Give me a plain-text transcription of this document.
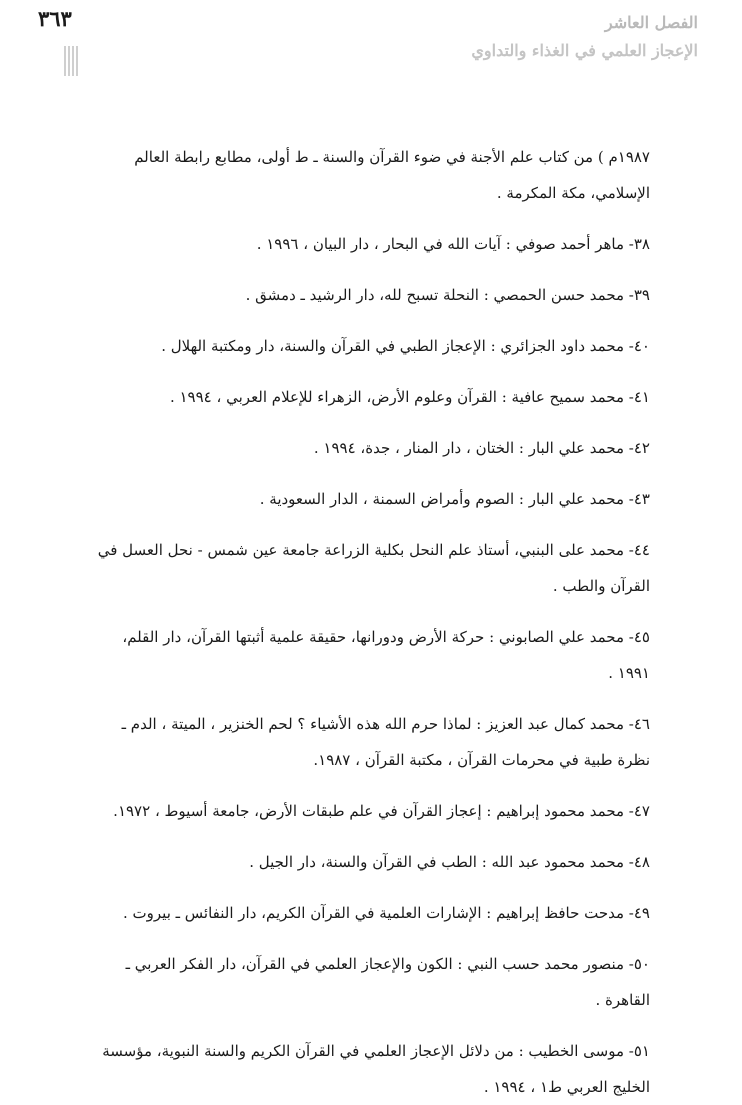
٣٦٣	الفصل العاشر
الإعجاز العلمي في الغذاء والتداوي

١٩٨٧م ) من كتاب علم الأجنة في ضوء القرآن والسنة ـ ط أولى، مطابع رابطة العالم الإسلامي، مكة المكرمة .

٣٨- ماهر أحمد صوفي : آيات الله في البحار ، دار البيان ، ١٩٩٦ .

٣٩- محمد حسن الحمصي : النحلة تسبح لله، دار الرشيد ـ دمشق .

٤٠- محمد داود الجزائري : الإعجاز الطبي في القرآن والسنة، دار ومكتبة الهلال .

٤١- محمد سميح عافية : القرآن وعلوم الأرض، الزهراء للإعلام العربي ، ١٩٩٤ .

٤٢- محمد علي البار : الختان ، دار المنار ، جدة، ١٩٩٤ .

٤٣- محمد علي البار : الصوم وأمراض السمنة ، الدار السعودية .

٤٤- محمد على البنبي، أستاذ علم النحل بكلية الزراعة جامعة عين شمس - نحل العسل في القرآن والطب .

٤٥- محمد علي الصابوني : حركة الأرض ودورانها، حقيقة علمية أثبتها القرآن، دار القلم، ١٩٩١ .

٤٦- محمد كمال عبد العزيز : لماذا حرم الله هذه الأشياء ؟ لحم الخنزير ، الميتة ، الدم ـ نظرة طبية في محرمات القرآن ، مكتبة القرآن ، ١٩٨٧.

٤٧- محمد محمود إبراهيم : إعجاز القرآن في علم طبقات الأرض، جامعة أسيوط ، ١٩٧٢.

٤٨- محمد محمود عبد الله : الطب في القرآن والسنة، دار الجيل .

٤٩- مدحت حافظ إبراهيم : الإشارات العلمية في القرآن الكريم، دار النفائس ـ بيروت .

٥٠- منصور محمد حسب النبي : الكون والإعجاز العلمي في القرآن، دار الفكر العربي ـ القاهرة .

٥١- موسى الخطيب : من دلائل الإعجاز العلمي في القرآن الكريم والسنة النبوية، مؤسسة الخليج العربي ط١ ، ١٩٩٤ .
